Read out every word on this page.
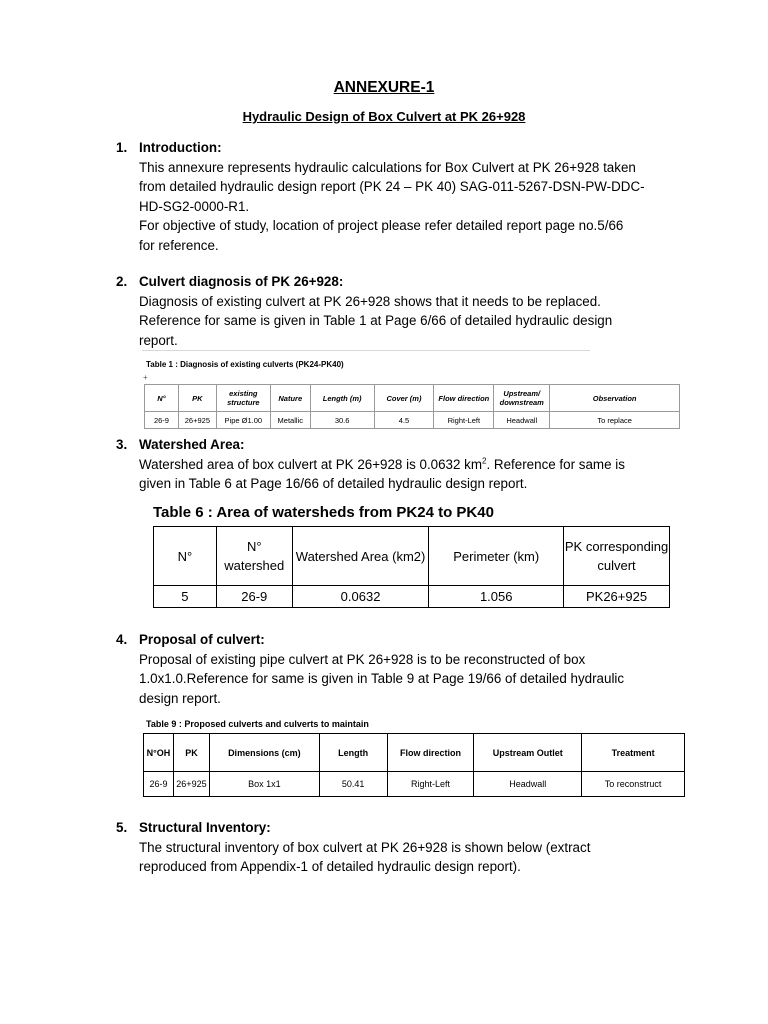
ANNEXURE-1
Hydraulic Design of Box Culvert at PK 26+928
1. Introduction:

This annexure represents hydraulic calculations for Box Culvert at PK 26+928 taken

from detailed hydraulic design report (PK 24 – PK 40) SAG-011-5267-DSN-PW-DDC-

HD-SG2-0000-R1.

For objective of study, location of project please refer detailed report page no.5/66

for reference.

2. Culvert diagnosis of PK 26+928:

Diagnosis of existing culvert at PK 26+928 shows that it needs to be replaced.

Reference for same is given in Table 1 at Page 6/66 of detailed hydraulic design

report.

Table 1 : Diagnosis of existing culverts (PK24-PK40)
+
N°	PK	existing structure	Nature	Length (m)	Cover (m)	Flow direction	Upstream/ downstream	Observation
26-9	26+925	Pipe Ø1.00	Metallic	30.6	4.5	Right-Left	Headwall	To replace
3. Watershed Area:

Watershed area of box culvert at PK 26+928 is 0.0632 $km^2$. Reference for same is

given in Table 6 at Page 16/66 of detailed hydraulic design report.

Table 6 : Area of watersheds from PK24 to PK40
N°	N° watershed	Watershed Area (km2)	Perimeter (km)	PK corresponding culvert
5	26-9	0.0632	1.056	PK26+925
4. Proposal of culvert:

Proposal of existing pipe culvert at PK 26+928 is to be reconstructed of box

1.0x1.0.Reference for same is given in Table 9 at Page 19/66 of detailed hydraulic

design report.

Table 9 : Proposed culverts and culverts to maintain
N°OH	PK	Dimensions (cm)	Length	Flow direction	Upstream Outlet	Treatment
26-9	26+925	Box 1x1	50.41	Right-Left	Headwall	To reconstruct
5. Structural Inventory:

The structural inventory of box culvert at PK 26+928 is shown below (extract

reproduced from Appendix-1 of detailed hydraulic design report).
